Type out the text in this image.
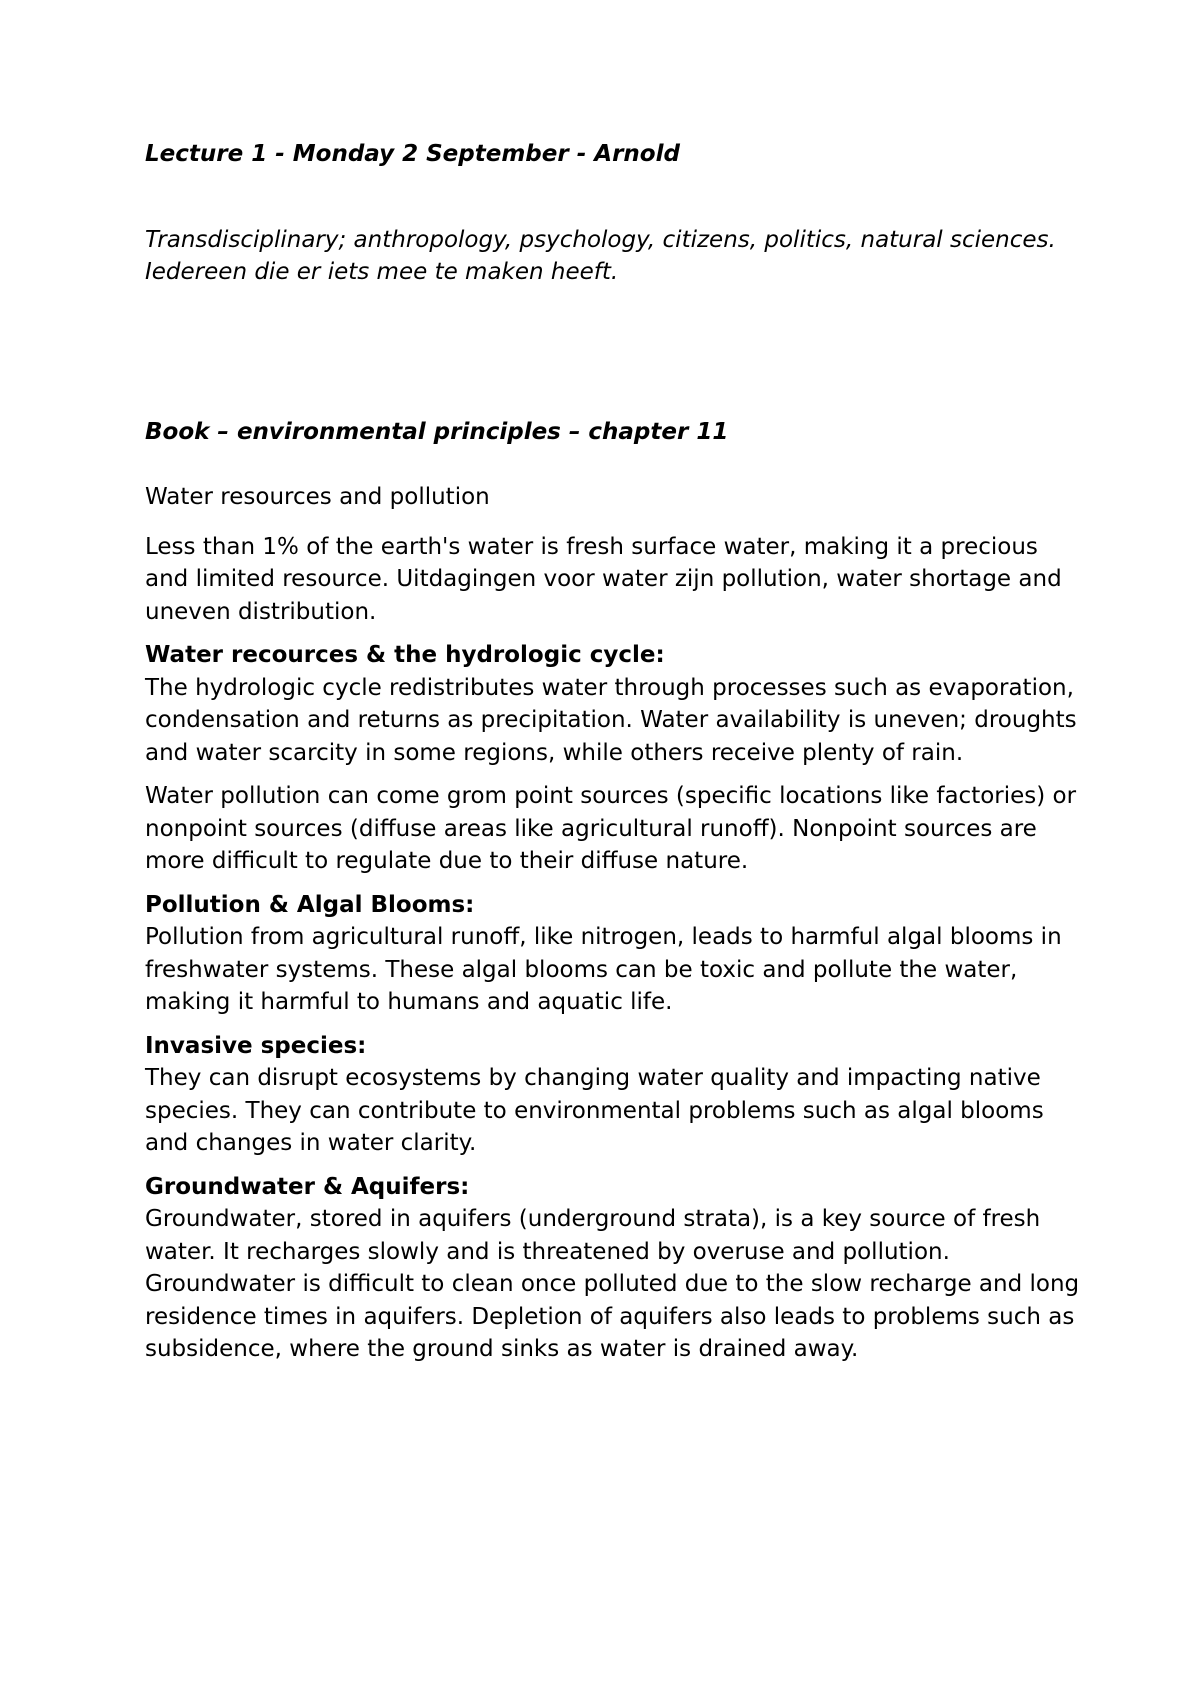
Lecture 1 - Monday 2 September - Arnold

Transdisciplinary; anthropology, psychology, citizens, politics, natural sciences. Iedereen die er iets mee te maken heeft.

Book – environmental principles – chapter 11

Water resources and pollution

Less than 1% of the earth's water is fresh surface water, making it a precious and limited resource. Uitdagingen voor water zijn pollution, water shortage and uneven distribution.

Water recources & the hydrologic cycle:
The hydrologic cycle redistributes water through processes such as evaporation, condensation and returns as precipitation. Water availability is uneven; droughts and water scarcity in some regions, while others receive plenty of rain.

Water pollution can come grom point sources (specific locations like factories) or nonpoint sources (diffuse areas like agricultural runoff). Nonpoint sources are more difficult to regulate due to their diffuse nature.

Pollution & Algal Blooms:
Pollution from agricultural runoff, like nitrogen, leads to harmful algal blooms in freshwater systems. These algal blooms can be toxic and pollute the water, making it harmful to humans and aquatic life.

Invasive species:
They can disrupt ecosystems by changing water quality and impacting native species. They can contribute to environmental problems such as algal blooms and changes in water clarity.

Groundwater & Aquifers:
Groundwater, stored in aquifers (underground strata), is a key source of fresh water. It recharges slowly and is threatened by overuse and pollution. Groundwater is difficult to clean once polluted due to the slow recharge and long residence times in aquifers. Depletion of aquifers also leads to problems such as subsidence, where the ground sinks as water is drained away.
